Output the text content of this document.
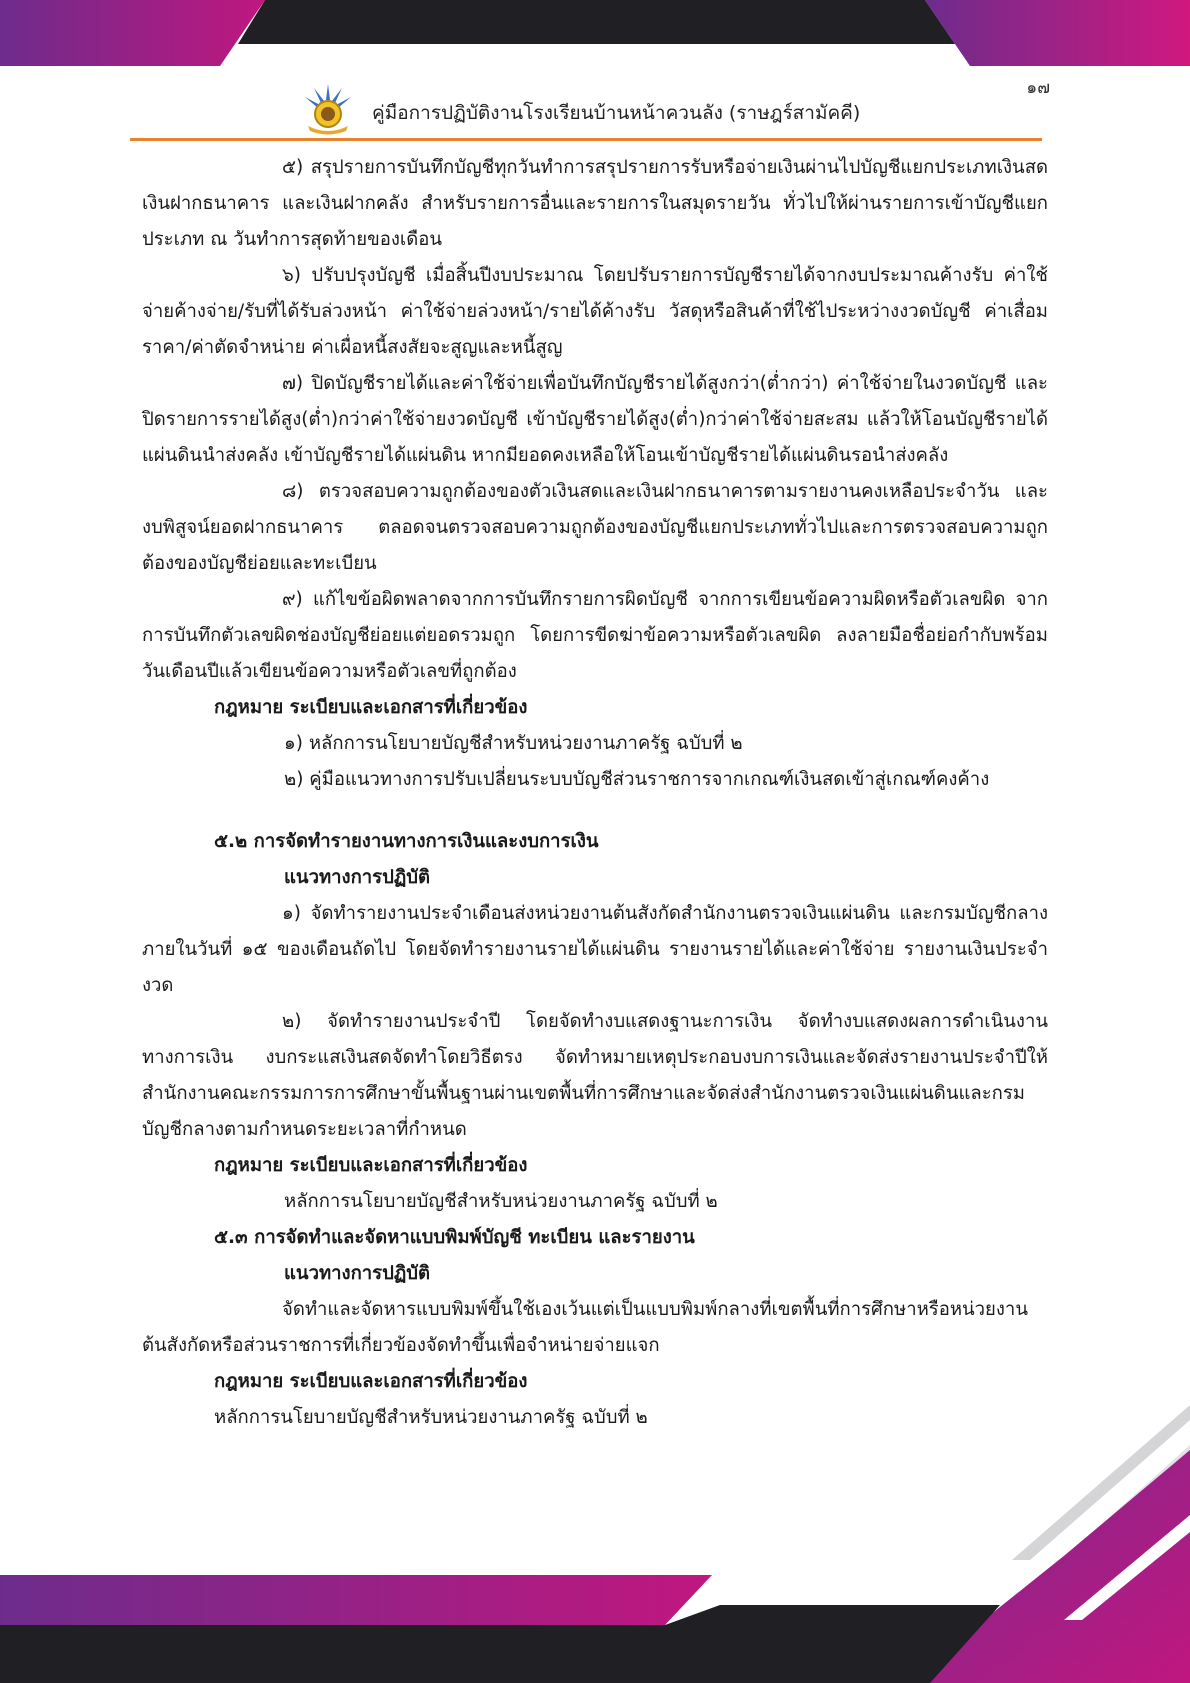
๑๗
คู่มือการปฏิบัติงานโรงเรียนบ้านหน้าควนลัง (ราษฎร์สามัคคี)

๕) สรุปรายการบันทึกบัญชีทุกวันทำการสรุปรายการรับหรือจ่ายเงินผ่านไปบัญชีแยกประเภทเงินสด เงินฝากธนาคาร และเงินฝากคลัง สำหรับรายการอื่นและรายการในสมุดรายวัน ทั่วไปให้ผ่านรายการเข้าบัญชีแยกประเภท ณ วันทำการสุดท้ายของเดือน

๖) ปรับปรุงบัญชี เมื่อสิ้นปีงบประมาณ โดยปรับรายการบัญชีรายได้จากงบประมาณค้างรับ ค่าใช้จ่ายค้างจ่าย/รับที่ได้รับล่วงหน้า ค่าใช้จ่ายล่วงหน้า/รายได้ค้างรับ วัสดุหรือสินค้าที่ใช้ไประหว่างงวดบัญชี ค่าเสื่อมราคา/ค่าตัดจำหน่าย ค่าเผื่อหนี้สงสัยจะสูญและหนี้สูญ

๗) ปิดบัญชีรายได้และค่าใช้จ่ายเพื่อบันทึกบัญชีรายได้สูงกว่า(ต่ำกว่า) ค่าใช้จ่ายในงวดบัญชี และปิดรายการรายได้สูง(ต่ำ)กว่าค่าใช้จ่ายงวดบัญชี เข้าบัญชีรายได้สูง(ต่ำ)กว่าค่าใช้จ่ายสะสม แล้วให้โอนบัญชีรายได้แผ่นดินนำส่งคลัง เข้าบัญชีรายได้แผ่นดิน หากมียอดคงเหลือให้โอนเข้าบัญชีรายได้แผ่นดินรอนำส่งคลัง

๘) ตรวจสอบความถูกต้องของตัวเงินสดและเงินฝากธนาคารตามรายงานคงเหลือประจำวัน และงบพิสูจน์ยอดฝากธนาคาร ตลอดจนตรวจสอบความถูกต้องของบัญชีแยกประเภททั่วไปและการตรวจสอบความถูกต้องของบัญชีย่อยและทะเบียน

๙) แก้ไขข้อผิดพลาดจากการบันทึกรายการผิดบัญชี จากการเขียนข้อความผิดหรือตัวเลขผิด จากการบันทึกตัวเลขผิดช่องบัญชีย่อยแต่ยอดรวมถูก โดยการขีดฆ่าข้อความหรือตัวเลขผิด ลงลายมือชื่อย่อกำกับพร้อมวันเดือนปีแล้วเขียนข้อความหรือตัวเลขที่ถูกต้อง

กฎหมาย ระเบียบและเอกสารที่เกี่ยวข้อง

๑) หลักการนโยบายบัญชีสำหรับหน่วยงานภาครัฐ ฉบับที่ ๒

๒) คู่มือแนวทางการปรับเปลี่ยนระบบบัญชีส่วนราชการจากเกณฑ์เงินสดเข้าสู่เกณฑ์คงค้าง

๕.๒ การจัดทำรายงานทางการเงินและงบการเงิน

แนวทางการปฏิบัติ

๑) จัดทำรายงานประจำเดือนส่งหน่วยงานต้นสังกัดสำนักงานตรวจเงินแผ่นดิน และกรมบัญชีกลางภายในวันที่ ๑๕ ของเดือนถัดไป โดยจัดทำรายงานรายได้แผ่นดิน รายงานรายได้และค่าใช้จ่าย รายงานเงินประจำงวด

๒) จัดทำรายงานประจำปี โดยจัดทำงบแสดงฐานะการเงิน จัดทำงบแสดงผลการดำเนินงานทางการเงิน งบกระแสเงินสดจัดทำโดยวิธีตรง จัดทำหมายเหตุประกอบงบการเงินและจัดส่งรายงานประจำปีให้สำนักงานคณะกรรมการการศึกษาขั้นพื้นฐานผ่านเขตพื้นที่การศึกษาและจัดส่งสำนักงานตรวจเงินแผ่นดินและกรมบัญชีกลางตามกำหนดระยะเวลาที่กำหนด

กฎหมาย ระเบียบและเอกสารที่เกี่ยวข้อง

หลักการนโยบายบัญชีสำหรับหน่วยงานภาครัฐ ฉบับที่ ๒

๕.๓ การจัดทำและจัดหาแบบพิมพ์บัญชี ทะเบียน และรายงาน

แนวทางการปฏิบัติ

จัดทำและจัดหารแบบพิมพ์ขึ้นใช้เองเว้นแต่เป็นแบบพิมพ์กลางที่เขตพื้นที่การศึกษาหรือหน่วยงานต้นสังกัดหรือส่วนราชการที่เกี่ยวข้องจัดทำขึ้นเพื่อจำหน่ายจ่ายแจก

กฎหมาย ระเบียบและเอกสารที่เกี่ยวข้อง

หลักการนโยบายบัญชีสำหรับหน่วยงานภาครัฐ ฉบับที่ ๒
